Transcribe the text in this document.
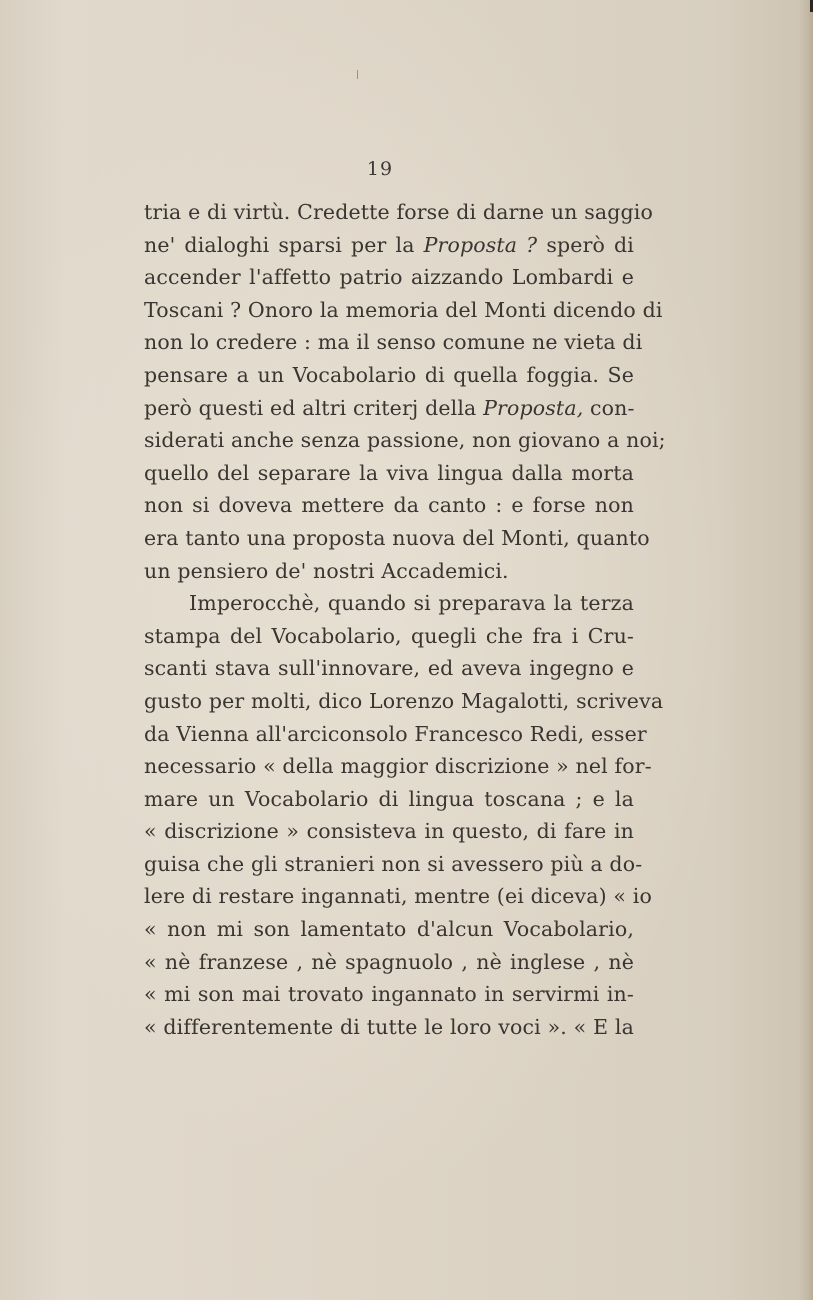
19
tria e di virtù. Credette forse di darne un saggio
ne' dialoghi sparsi per la Proposta ? sperò di
accender l'affetto patrio aizzando Lombardi e
Toscani ? Onoro la memoria del Monti dicendo di
non lo credere : ma il senso comune ne vieta di
pensare a un Vocabolario di quella foggia. Se
però questi ed altri criterj della Proposta, con-
siderati anche senza passione, non giovano a noi;
quello del separare la viva lingua dalla morta
non si doveva mettere da canto : e forse non
era tanto una proposta nuova del Monti, quanto
un pensiero de' nostri Accademici.
Imperocchè, quando si preparava la terza
stampa del Vocabolario, quegli che fra i Cru-
scanti stava sull'innovare, ed aveva ingegno e
gusto per molti, dico Lorenzo Magalotti, scriveva
da Vienna all'arciconsolo Francesco Redi, esser
necessario « della maggior discrizione » nel for-
mare un Vocabolario di lingua toscana ; e la
« discrizione » consisteva in questo, di fare in
guisa che gli stranieri non si avessero più a do-
lere di restare ingannati, mentre (ei diceva) « io
« non mi son lamentato d'alcun Vocabolario,
« nè franzese , nè spagnuolo , nè inglese , nè
« mi son mai trovato ingannato in servirmi in-
« differentemente di tutte le loro voci ». « E la
